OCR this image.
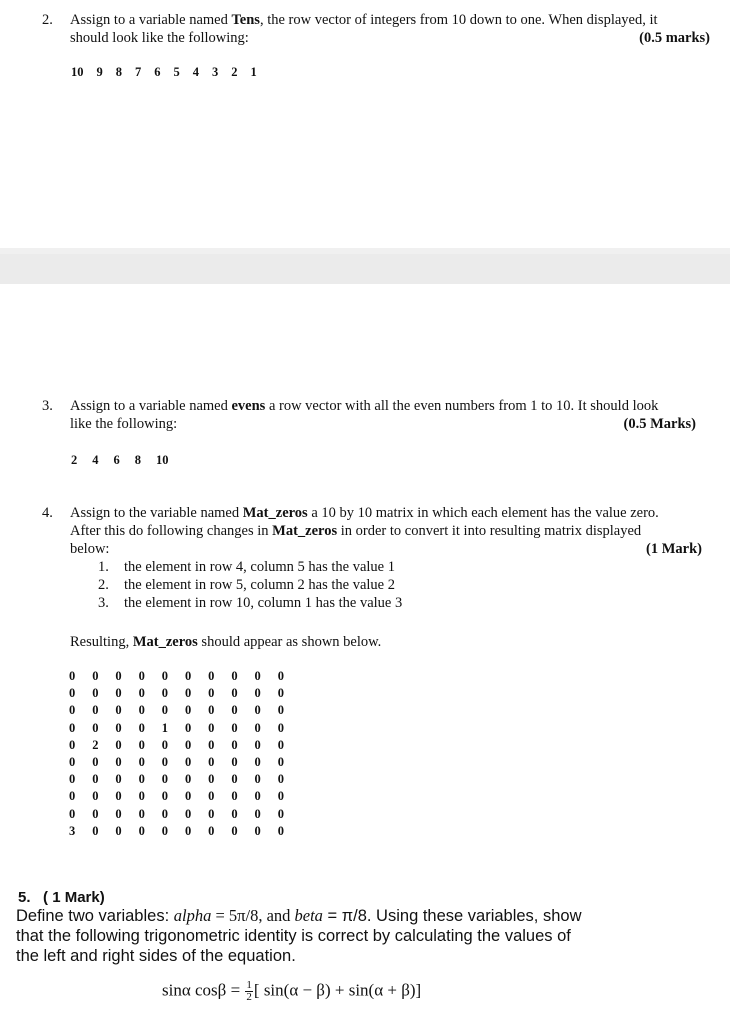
2.	Assign to a variable named Tens, the row vector of integers from 10 down to one. When displayed, it
should look like the following:	(0.5 marks)
10 9 8 7 6 5 4 3 2 1
3.	Assign to a variable named evens a row vector with all the even numbers from 1 to 10. It should look
like the following:	(0.5 Marks)
2 4 6 8 10
4.	Assign to the variable named Mat_zeros a 10 by 10 matrix in which each element has the value zero.
After this do following changes in Mat_zeros in order to convert it into resulting matrix displayed
below:	(1 Mark)
1. the element in row 4, column 5 has the value 1
2. the element in row 5, column 2 has the value 2
3. the element in row 10, column 1 has the value 3
Resulting, Mat_zeros should appear as shown below.
0	0	0	0	0	0	0	0	0	0
0	0	0	0	0	0	0	0	0	0
0	0	0	0	0	0	0	0	0	0
0	0	0	0	1	0	0	0	0	0
0	2	0	0	0	0	0	0	0	0
0	0	0	0	0	0	0	0	0	0
0	0	0	0	0	0	0	0	0	0
0	0	0	0	0	0	0	0	0	0
0	0	0	0	0	0	0	0	0	0
3	0	0	0	0	0	0	0	0	0
5. ( 1 Mark)
Define two variables: alpha = 5π/8, and beta = π/8. Using these variables, show
that the following trigonometric identity is correct by calculating the values of
the left and right sides of the equation.
sinα $\cos\beta = \frac{1}{2}$ [ sin(α − β) + sin(α + β)]
